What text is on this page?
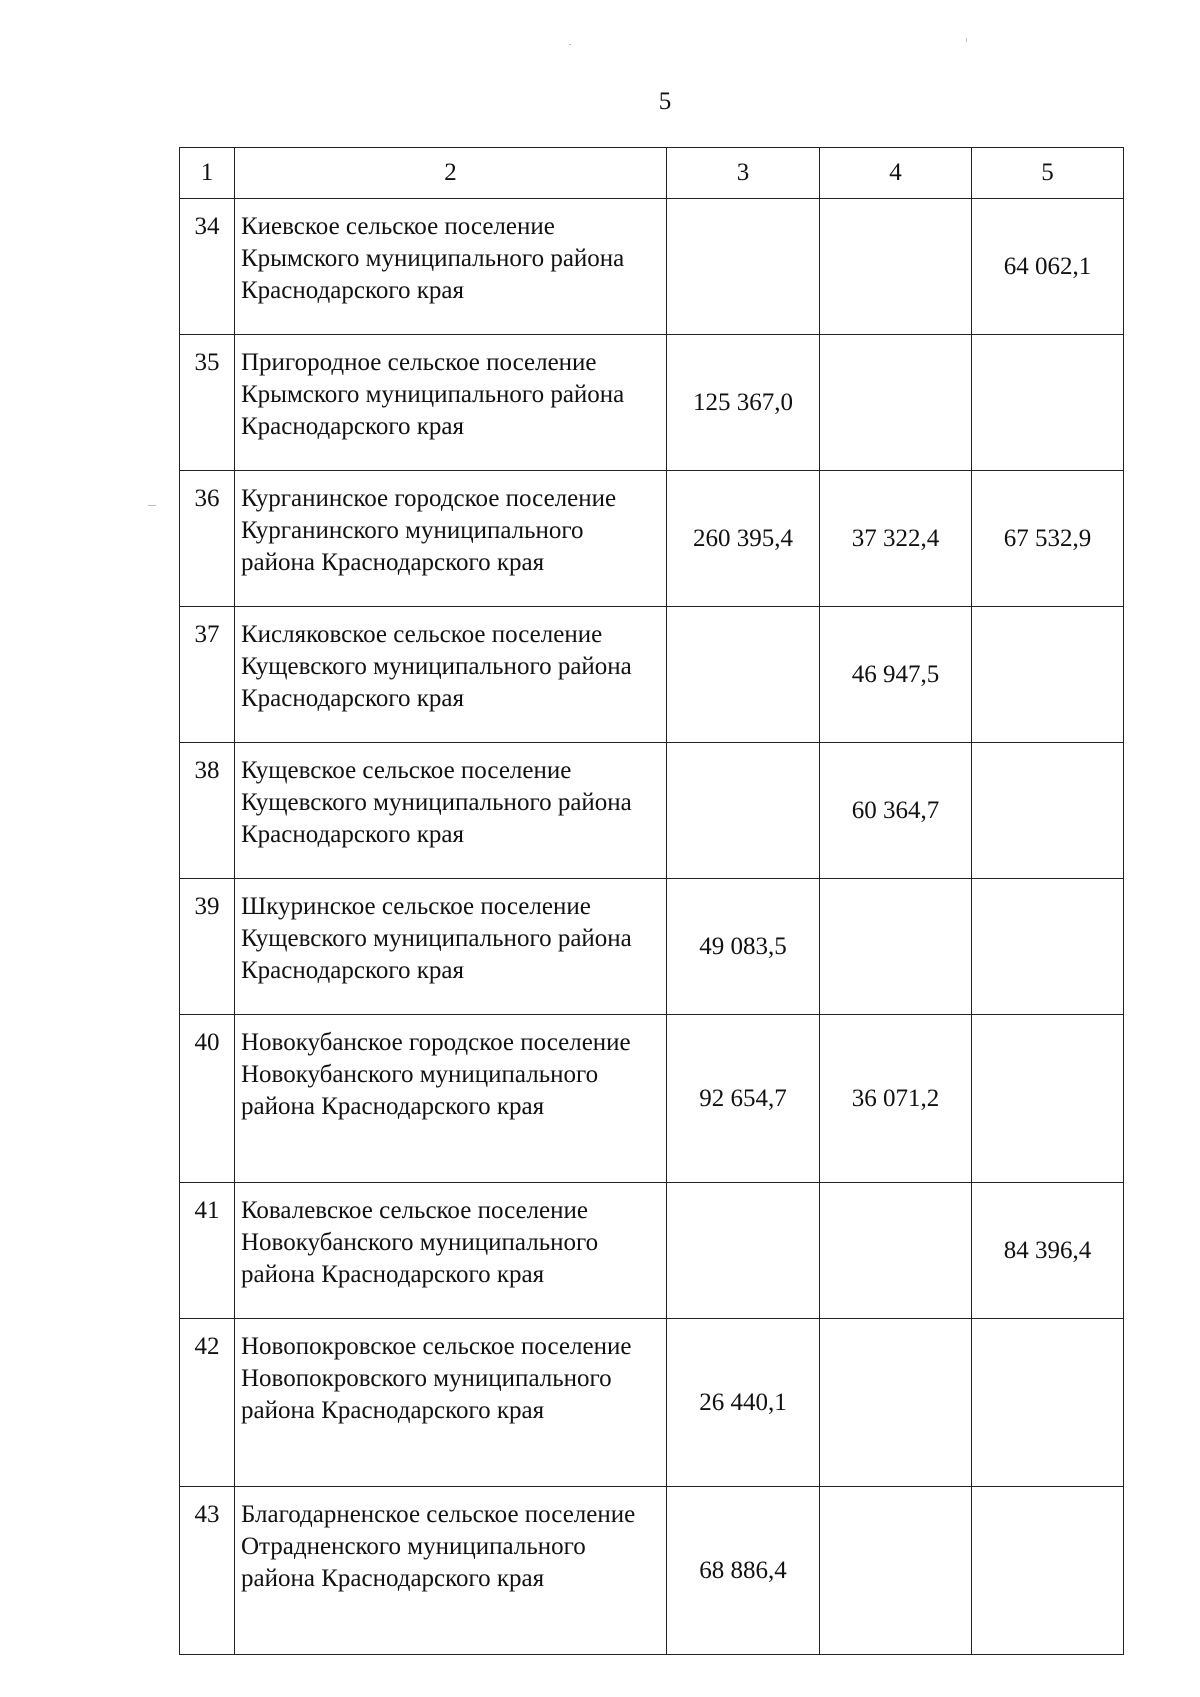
5
1	2	3	4	5
34	Киевское сельское поселение Крымского муниципального района Краснодарского края			64 062,1
35	Пригородное сельское поселение Крымского муниципального района Краснодарского края	125 367,0		
36	Курганинское городское поселение Курганинского муниципального района Краснодарского края	260 395,4	37 322,4	67 532,9
37	Кисляковское сельское поселение Кущевского муниципального района Краснодарского края		46 947,5	
38	Кущевское сельское поселение Кущевского муниципального района Краснодарского края		60 364,7	
39	Шкуринское сельское поселение Кущевского муниципального района Краснодарского края	49 083,5		
40	Новокубанское городское поселение Новокубанского муниципального района Краснодарского края	92 654,7	36 071,2	
41	Ковалевское сельское поселение Новокубанского муниципального района Краснодарского края			84 396,4
42	Новопокровское сельское поселение Новопокровского муниципального района Краснодарского края	26 440,1		
43	Благодарненское сельское поселение Отрадненского муниципального района Краснодарского края	68 886,4		
